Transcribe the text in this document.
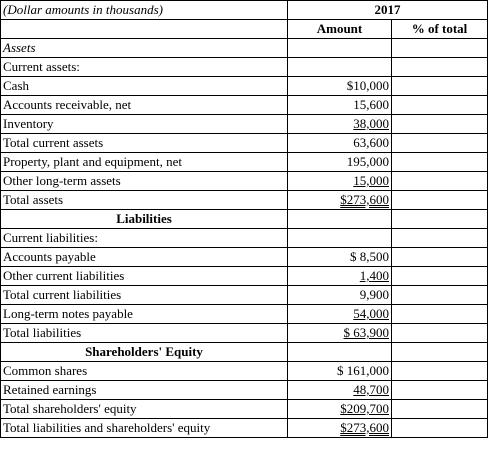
(Dollar amounts in thousands)	2017	
	Amount	% of total
Assets		
Current assets:		
Cash	$10,000	
Accounts receivable, net	15,600	
Inventory	38,000	
Total current assets	63,600	
Property, plant and equipment, net	195,000	
Other long-term assets	15,000	
Total assets	$273,600	
Liabilities		
Current liabilities:		
Accounts payable	$ 8,500	
Other current liabilities	1,400	
Total current liabilities	9,900	
Long-term notes payable	54,000	
Total liabilities	$ 63,900	
Shareholders' Equity		
Common shares	$ 161,000	
Retained earnings	48,700	
Total shareholders' equity	$209,700	
Total liabilities and shareholders' equity	$273,600	
